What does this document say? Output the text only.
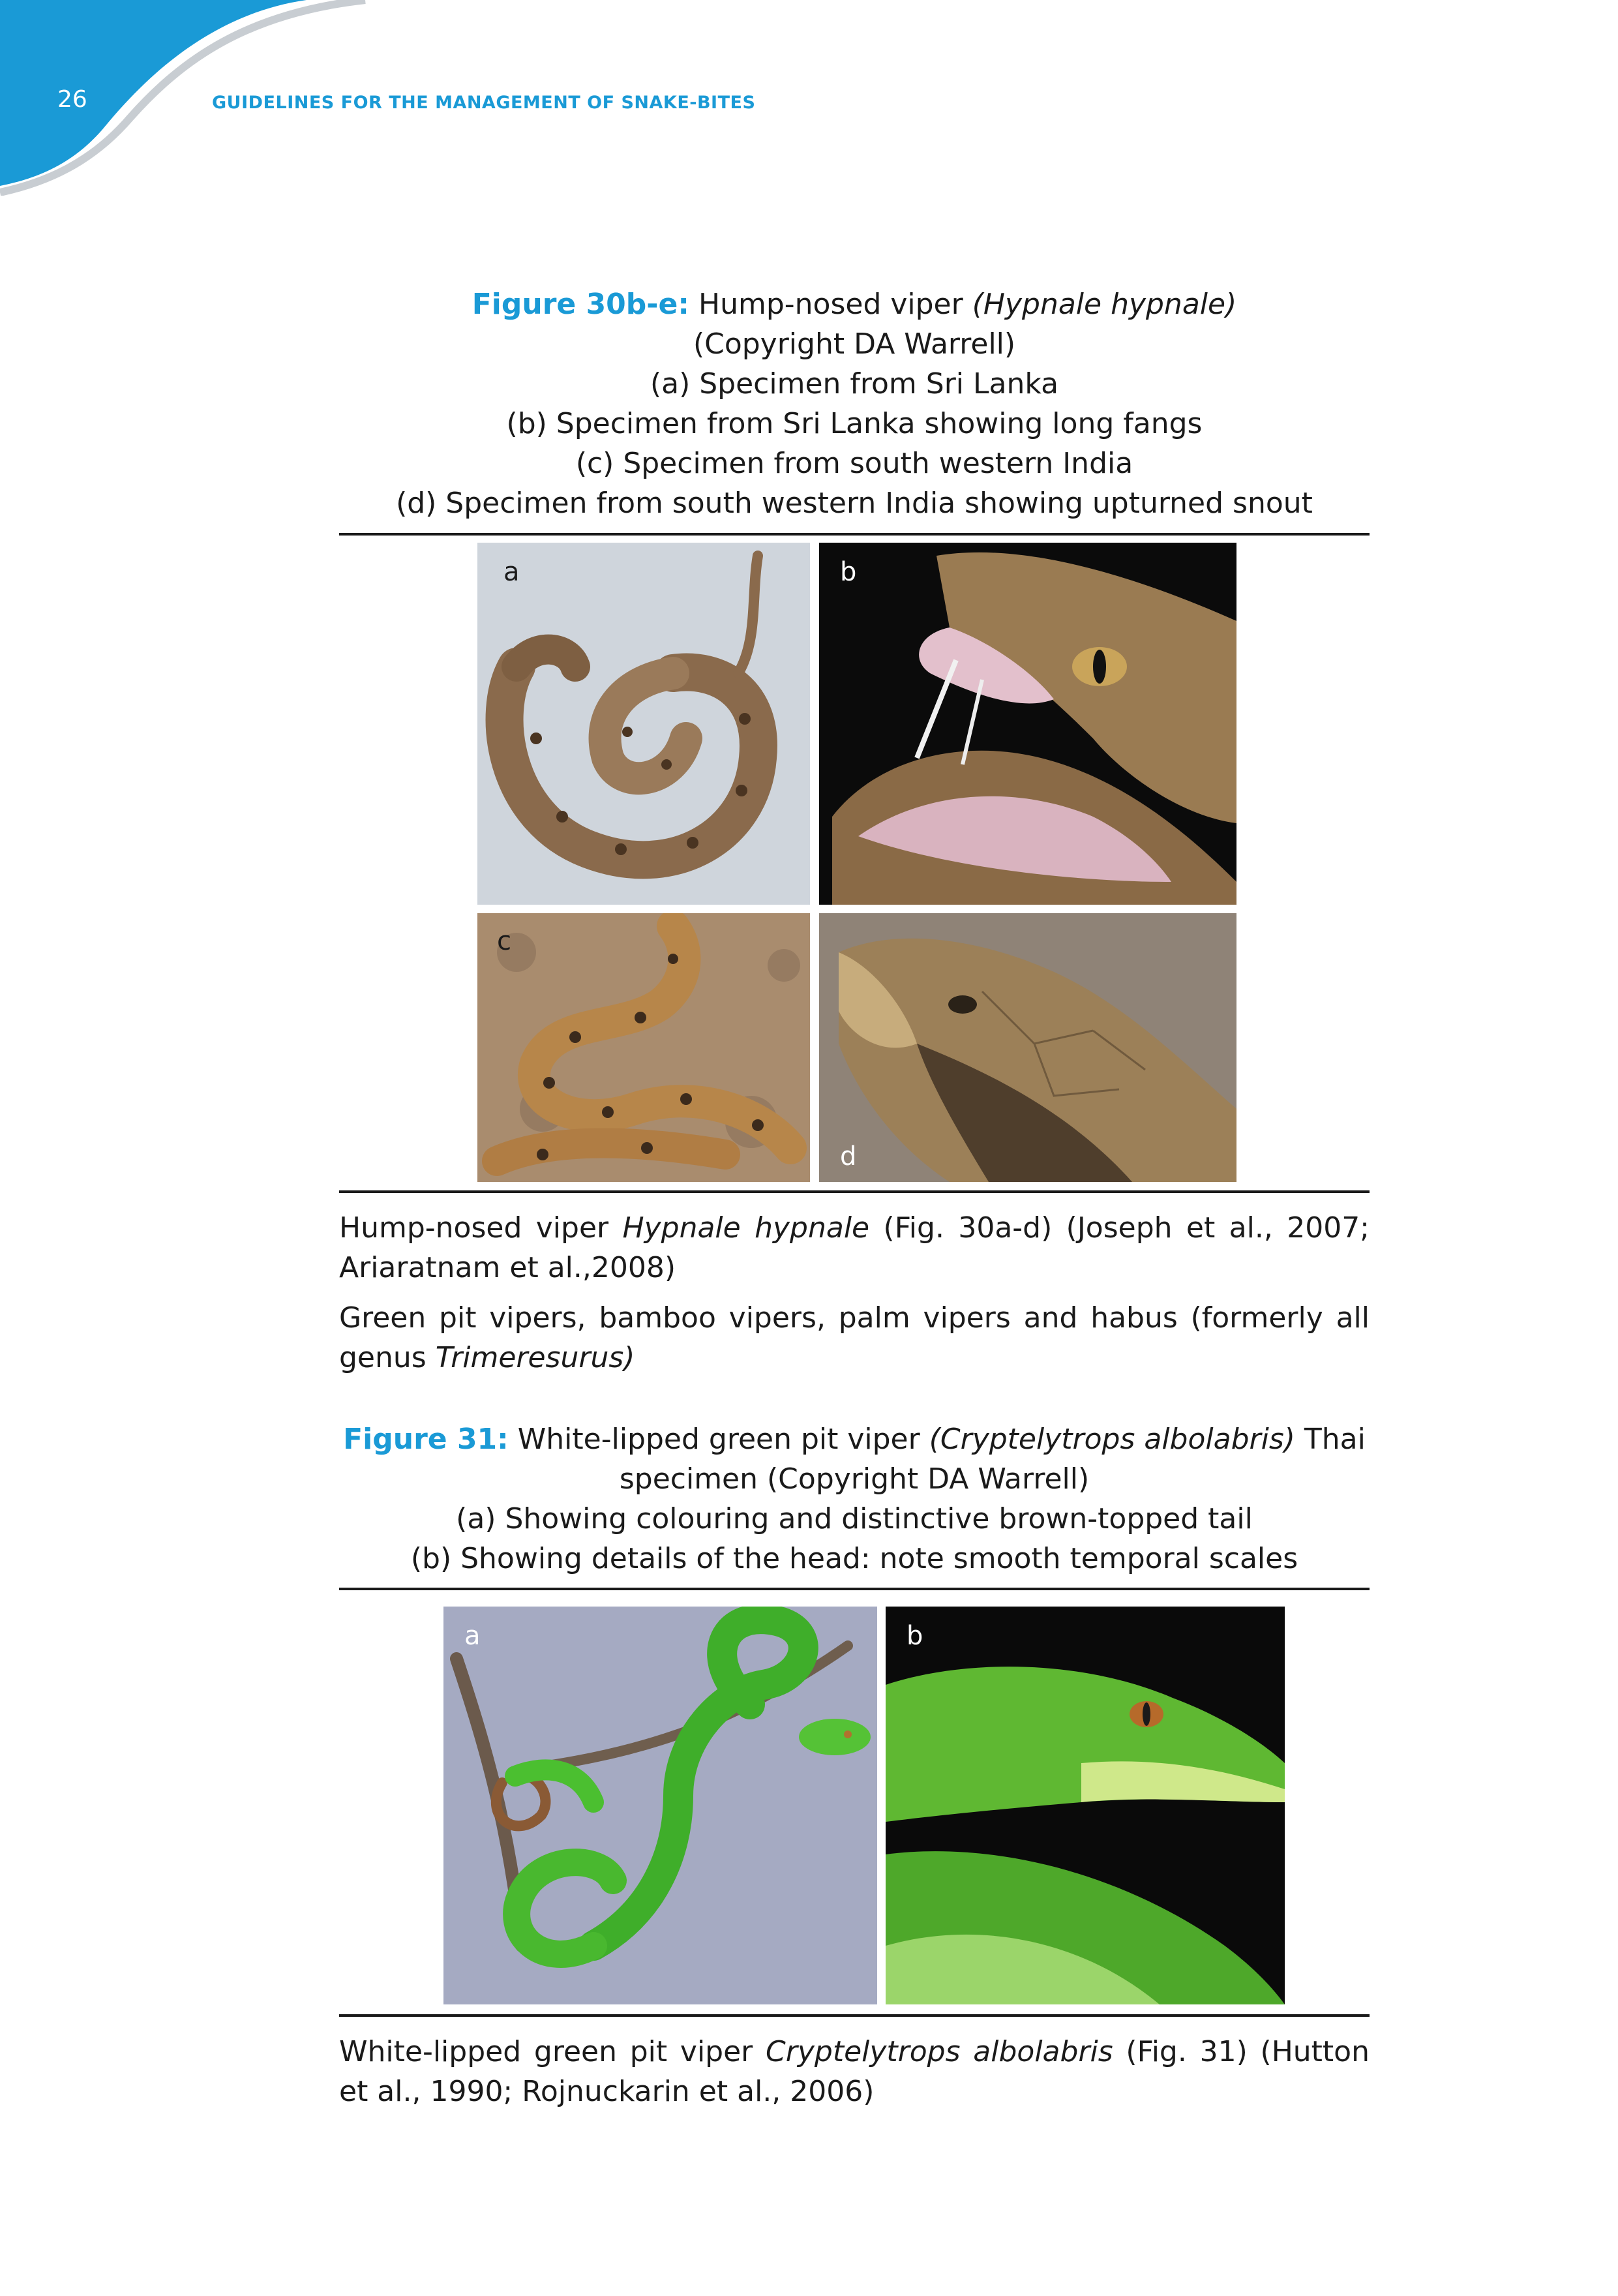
26	GUIDELINES FOR THE MANAGEMENT OF SNAKE-BITES
Figure 30b-e: Hump-nosed viper (Hypnale hypnale)
(Copyright DA Warrell)
(a) Specimen from Sri Lanka
(b) Specimen from Sri Lanka showing long fangs
(c) Specimen from south western India
(d) Specimen from south western India showing upturned snout
a	b
c
d
Hump-nosed viper Hypnale hypnale (Fig. 30a-d) (Joseph et al., 2007; Ariaratnam et al.,2008)
Green pit vipers, bamboo vipers, palm vipers and habus (formerly all genus Trimeresurus)
Figure 31: White-lipped green pit viper (Cryptelytrops albolabris) Thai
specimen (Copyright DA Warrell)
(a) Showing colouring and distinctive brown-topped tail
(b) Showing details of the head: note smooth temporal scales
a	b
White-lipped green pit viper Cryptelytrops albolabris (Fig. 31) (Hutton et al., 1990; Rojnuckarin et al., 2006)
